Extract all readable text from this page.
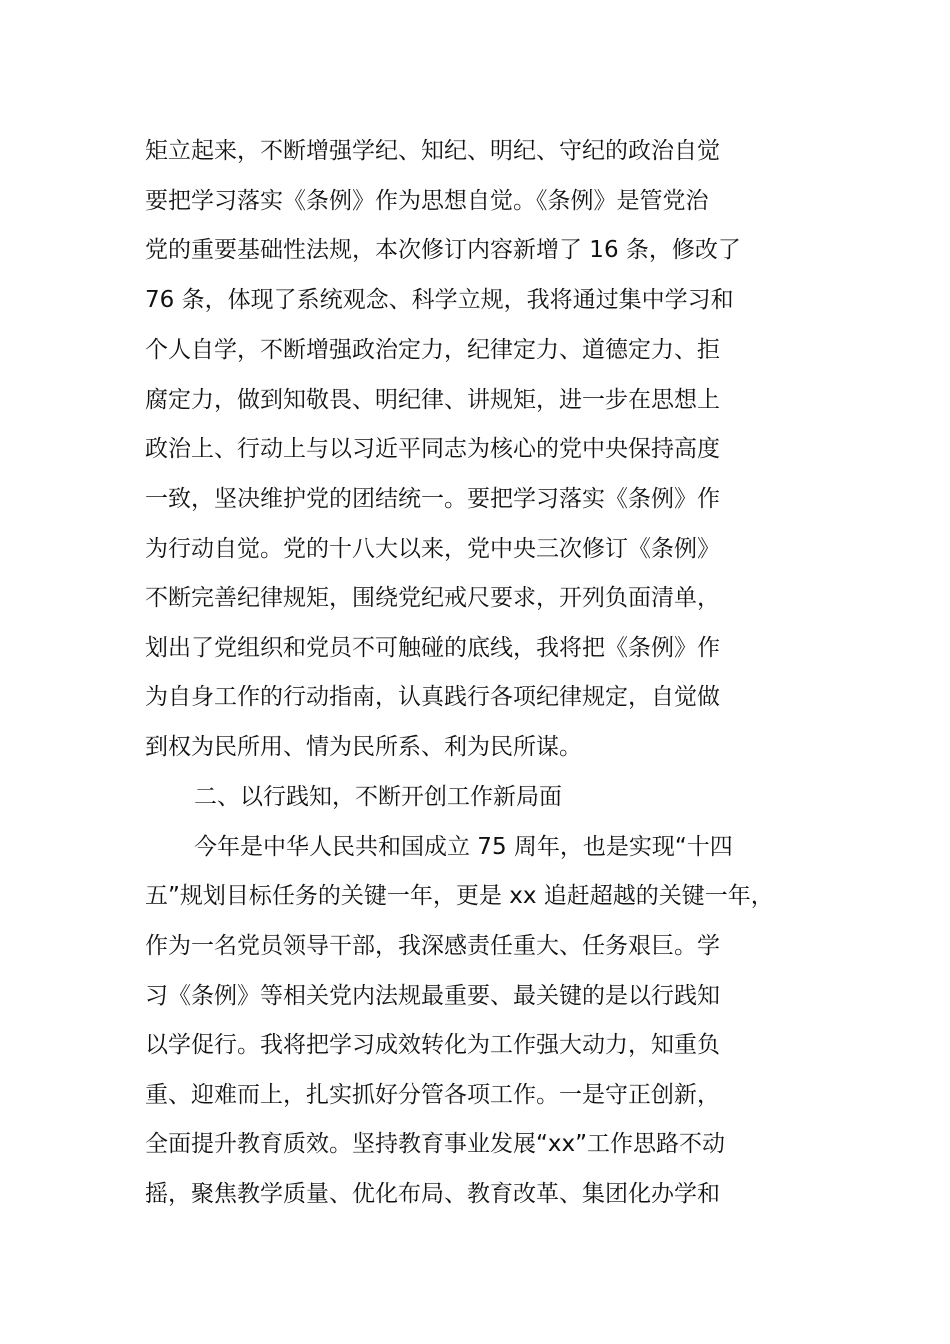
矩立起来，不断增强学纪、知纪、明纪、守纪的政治自觉
要把学习落实《条例》作为思想自觉。《条例》是管党治
党的重要基础性法规，本次修订内容新增了 16 条，修改了
76 条，体现了系统观念、科学立规，我将通过集中学习和
个人自学，不断增强政治定力，纪律定力、道德定力、拒
腐定力，做到知敬畏、明纪律、讲规矩，进一步在思想上
政治上、行动上与以习近平同志为核心的党中央保持高度
一致，坚决维护党的团结统一。要把学习落实《条例》作
为行动自觉。党的十八大以来，党中央三次修订《条例》
不断完善纪律规矩，围绕党纪戒尺要求，开列负面清单，
划出了党组织和党员不可触碰的底线，我将把《条例》作
为自身工作的行动指南，认真践行各项纪律规定，自觉做
到权为民所用、情为民所系、利为民所谋。
二、以行践知，不断开创工作新局面
今年是中华人民共和国成立 75 周年，也是实现“十四
五”规划目标任务的关键一年，更是 xx 追赶超越的关键一年，
作为一名党员领导干部，我深感责任重大、任务艰巨。学
习《条例》等相关党内法规最重要、最关键的是以行践知
以学促行。我将把学习成效转化为工作强大动力，知重负
重、迎难而上，扎实抓好分管各项工作。一是守正创新，
全面提升教育质效。坚持教育事业发展“xx”工作思路不动
摇，聚焦教学质量、优化布局、教育改革、集团化办学和
